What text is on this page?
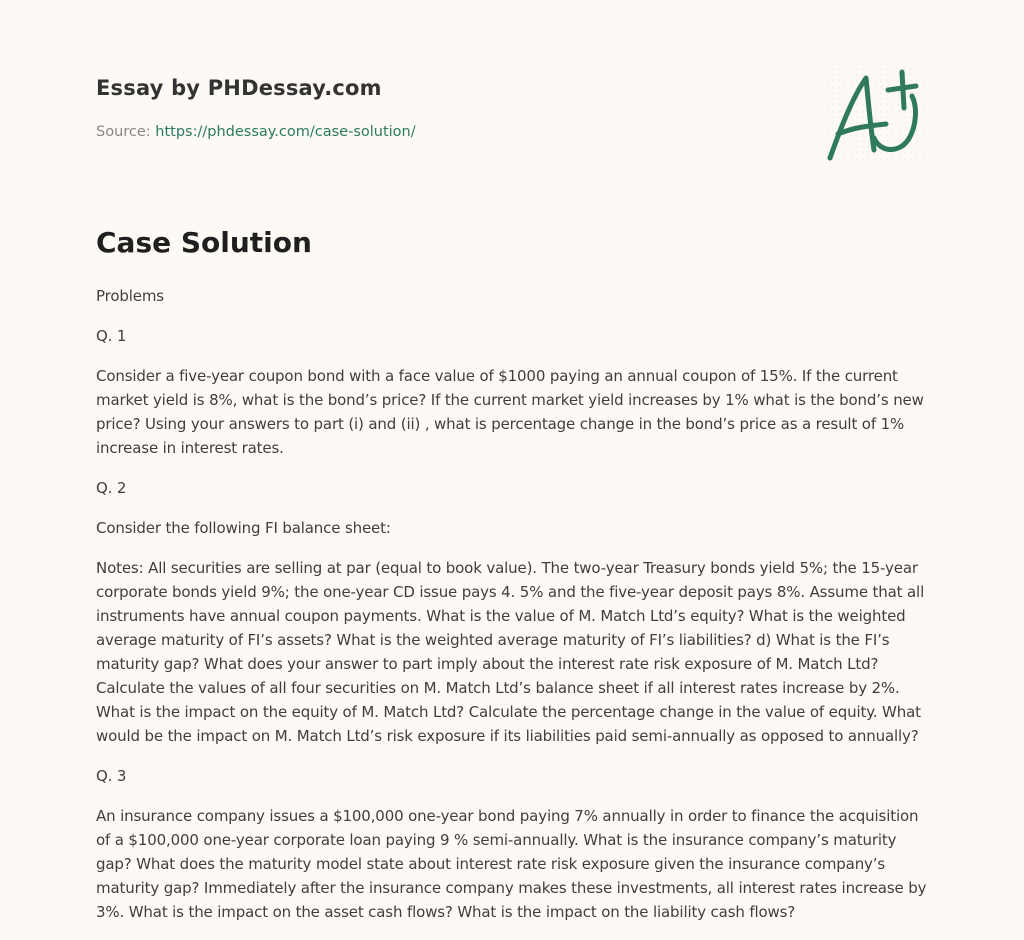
Essay by PHDessay.com
Source: https://phdessay.com/case-solution/
Case Solution

Problems

Q. 1

Consider a five-year coupon bond with a face value of $1000 paying an annual coupon of 15%. If the current market yield is 8%, what is the bond’s price? If the current market yield increases by 1% what is the bond’s new price? Using your answers to part (i) and (ii) , what is percentage change in the bond’s price as a result of 1% increase in interest rates.

Q. 2

Consider the following FI balance sheet:

Notes: All securities are selling at par (equal to book value). The two-year Treasury bonds yield 5%; the 15-year corporate bonds yield 9%; the one-year CD issue pays 4. 5% and the five-year deposit pays 8%. Assume that all instruments have annual coupon payments. What is the value of M. Match Ltd’s equity? What is the weighted average maturity of FI’s assets? What is the weighted average maturity of FI’s liabilities? d) What is the FI’s maturity gap? What does your answer to part imply about the interest rate risk exposure of M. Match Ltd? Calculate the values of all four securities on M. Match Ltd’s balance sheet if all interest rates increase by 2%. What is the impact on the equity of M. Match Ltd? Calculate the percentage change in the value of equity. What would be the impact on M. Match Ltd’s risk exposure if its liabilities paid semi-annually as opposed to annually?

Q. 3

An insurance company issues a $100,000 one-year bond paying 7% annually in order to finance the acquisition of a $100,000 one-year corporate loan paying 9 % semi-annually. What is the insurance company’s maturity gap? What does the maturity model state about interest rate risk exposure given the insurance company’s maturity gap? Immediately after the insurance company makes these investments, all interest rates increase by 3%. What is the impact on the asset cash flows? What is the impact on the liability cash flows?
